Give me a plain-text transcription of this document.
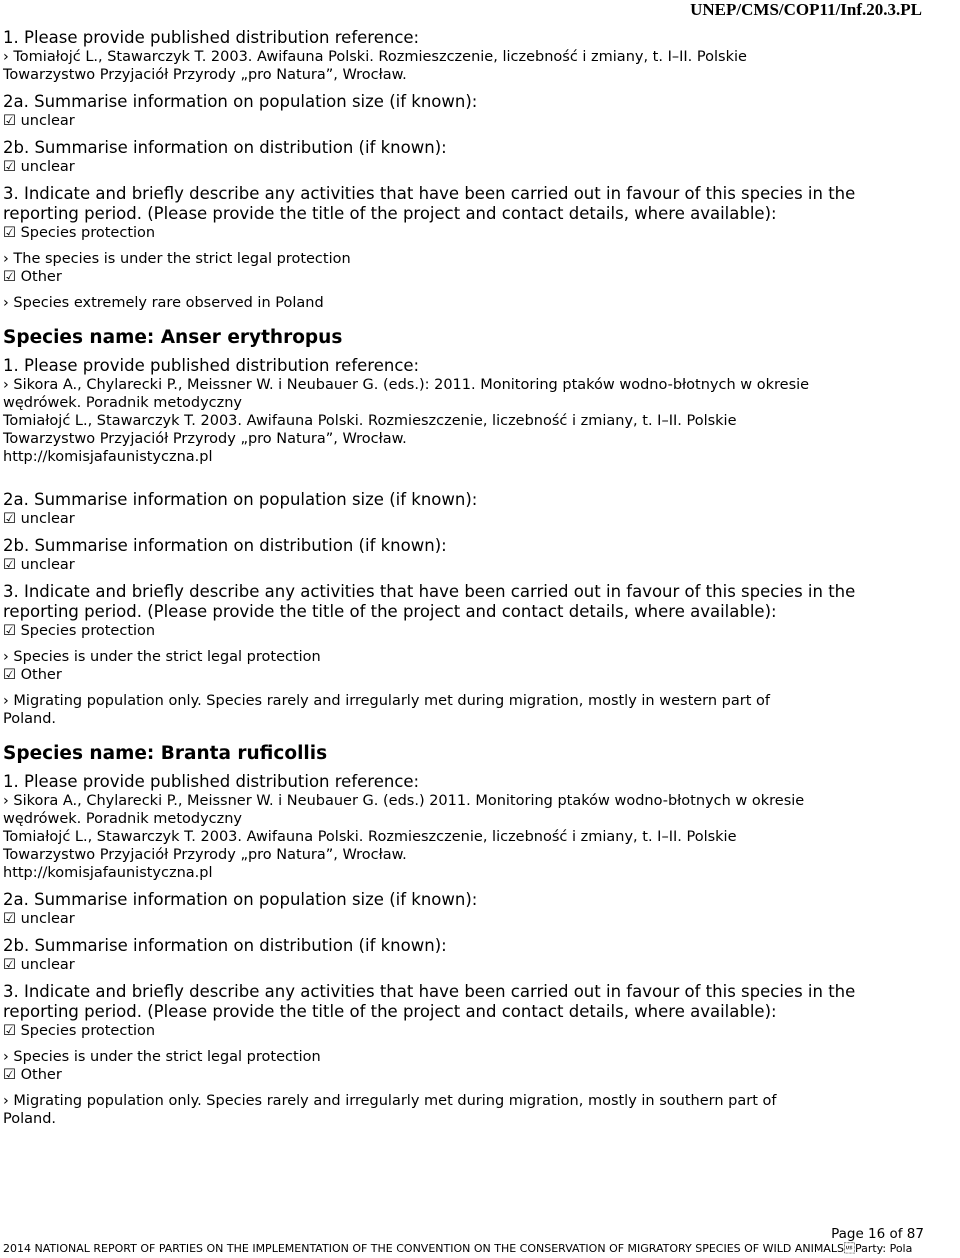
UNEP/CMS/COP11/Inf.20.3.PL

1. Please provide published distribution reference:

› Tomiałojć L., Stawarczyk T. 2003. Awifauna Polski. Rozmieszczenie, liczebność i zmiany, t. I–II. Polskie

Towarzystwo Przyjaciół Przyrody „pro Natura”, Wrocław.

2a. Summarise information on population size (if known):

☑ unclear

2b. Summarise information on distribution (if known):

☑ unclear

3. Indicate and briefly describe any activities that have been carried out in favour of this species in the

reporting period. (Please provide the title of the project and contact details, where available):

☑ Species protection

› The species is under the strict legal protection

☑ Other

› Species extremely rare observed in Poland

Species name: Anser erythropus

1. Please provide published distribution reference:

› Sikora A., Chylarecki P., Meissner W. i Neubauer G. (eds.): 2011. Monitoring ptaków wodno-błotnych w okresie

wędrówek. Poradnik metodyczny

Tomiałojć L., Stawarczyk T. 2003. Awifauna Polski. Rozmieszczenie, liczebność i zmiany, t. I–II. Polskie

Towarzystwo Przyjaciół Przyrody „pro Natura”, Wrocław.

http://komisjafaunistyczna.pl

2a. Summarise information on population size (if known):

☑ unclear

2b. Summarise information on distribution (if known):

☑ unclear

3. Indicate and briefly describe any activities that have been carried out in favour of this species in the

reporting period. (Please provide the title of the project and contact details, where available):

☑ Species protection

› Species is under the strict legal protection

☑ Other

› Migrating population only. Species rarely and irregularly met during migration, mostly in western part of

Poland.

Species name: Branta ruficollis

1. Please provide published distribution reference:

› Sikora A., Chylarecki P., Meissner W. i Neubauer G. (eds.) 2011. Monitoring ptaków wodno-błotnych w okresie

wędrówek. Poradnik metodyczny

Tomiałojć L., Stawarczyk T. 2003. Awifauna Polski. Rozmieszczenie, liczebność i zmiany, t. I–II. Polskie

Towarzystwo Przyjaciół Przyrody „pro Natura”, Wrocław.

http://komisjafaunistyczna.pl

2a. Summarise information on population size (if known):

☑ unclear

2b. Summarise information on distribution (if known):

☑ unclear

3. Indicate and briefly describe any activities that have been carried out in favour of this species in the

reporting period. (Please provide the title of the project and contact details, where available):

☑ Species protection

› Species is under the strict legal protection

☑ Other

› Migrating population only. Species rarely and irregularly met during migration, mostly in southern part of

Poland.

Page 16 of 87
2014 NATIONAL REPORT OF PARTIES ON THE IMPLEMENTATION OF THE CONVENTION ON THE CONSERVATION OF MIGRATORY SPECIES OF WILD ANIMALSParty: Pola
